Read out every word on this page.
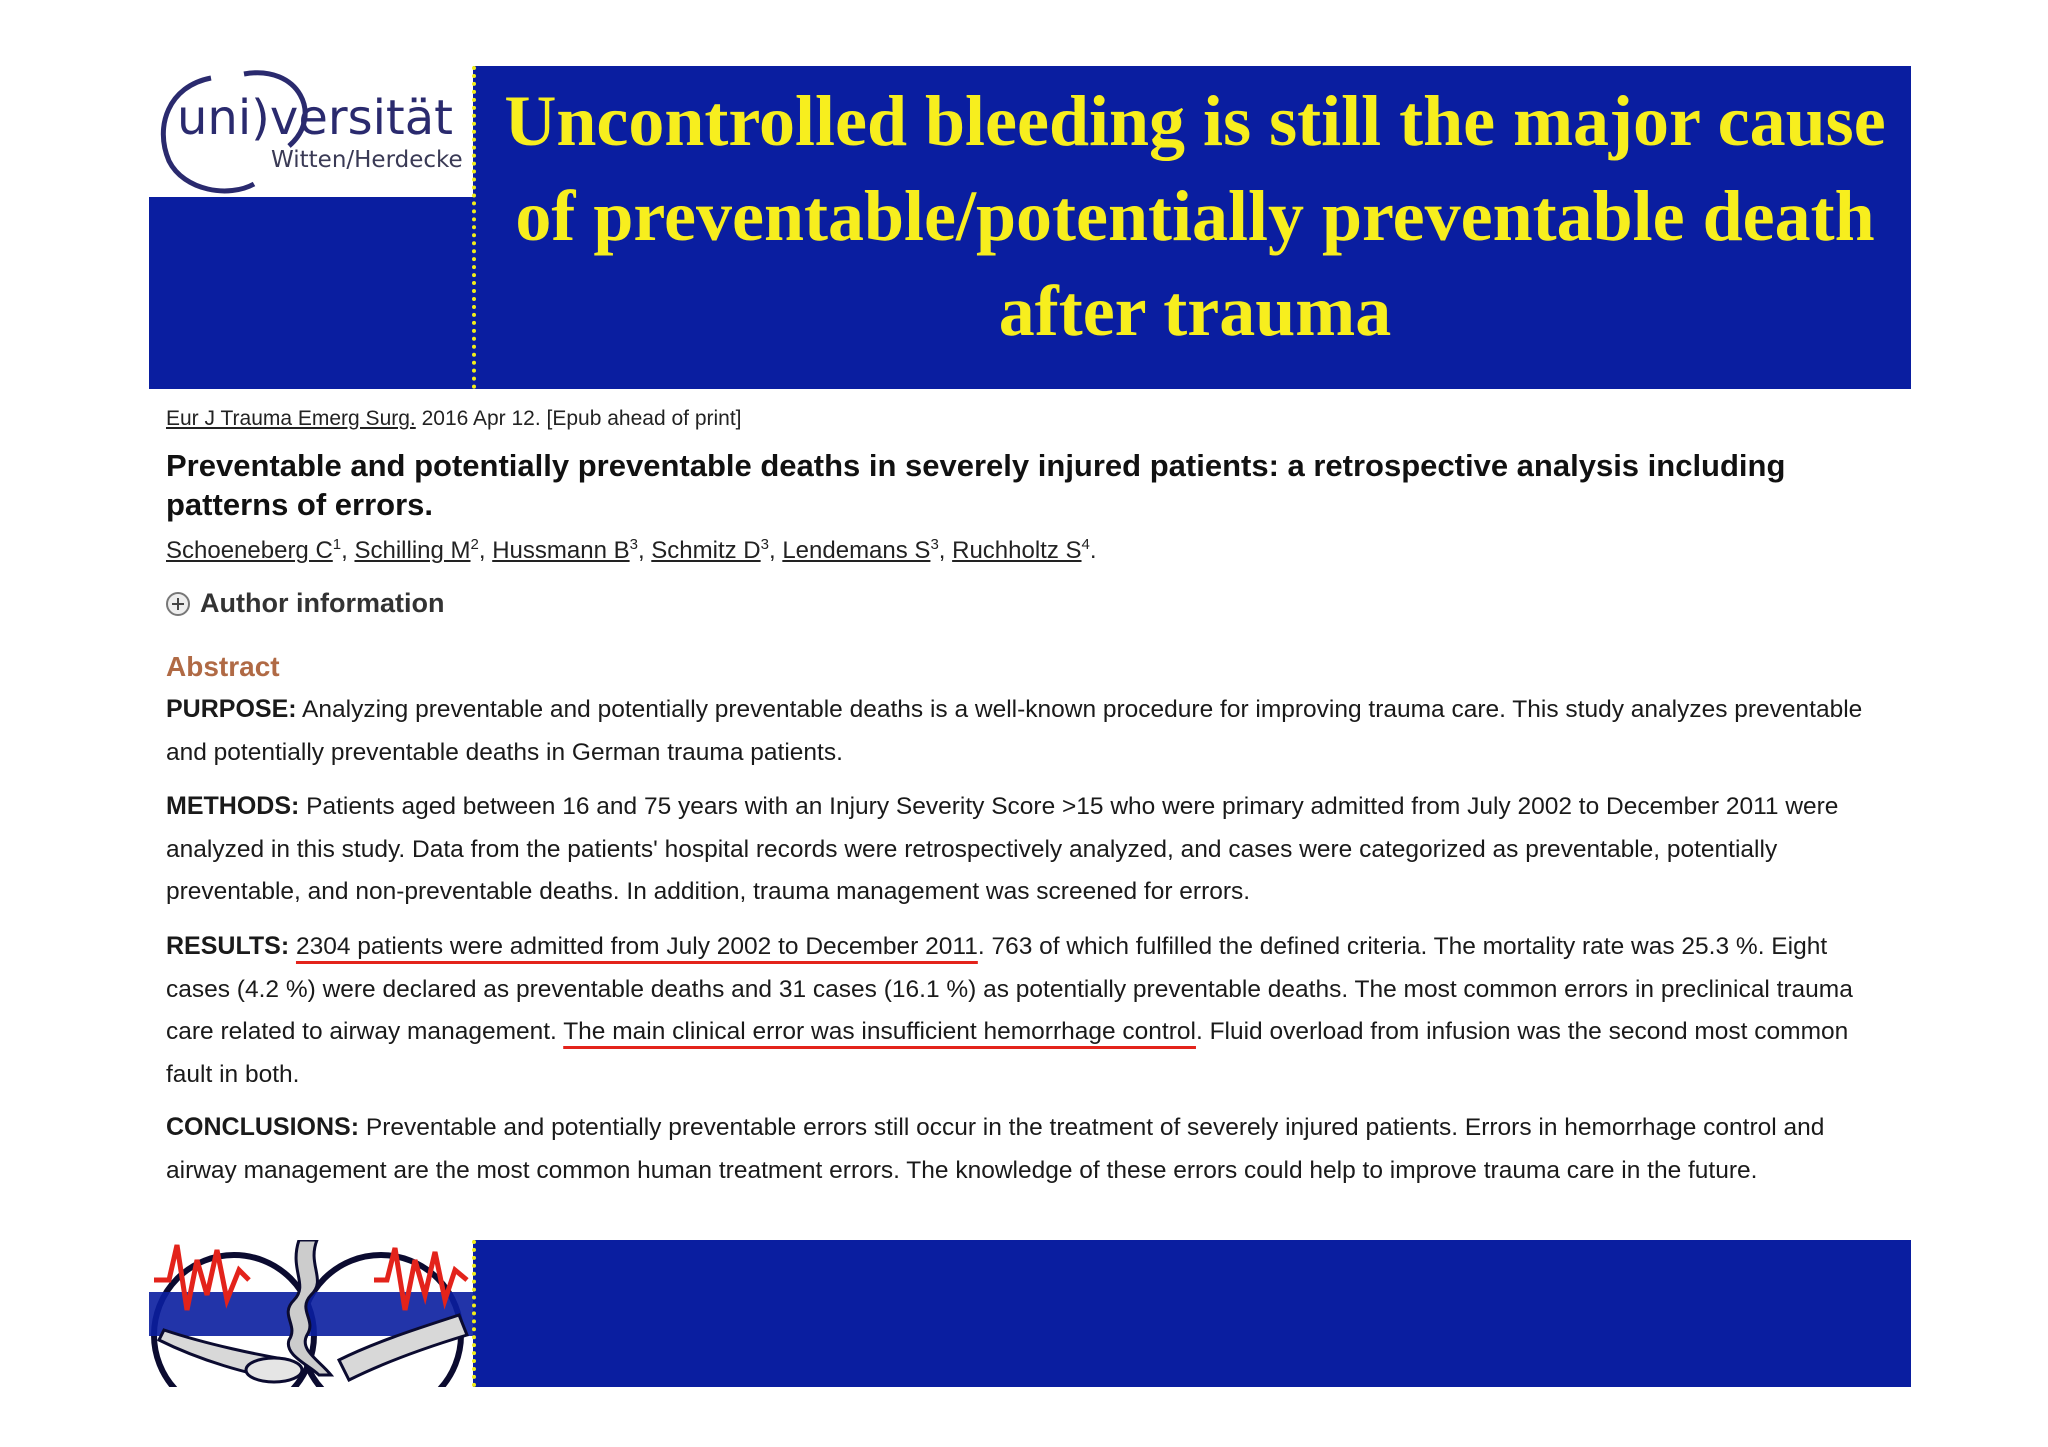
uni)versität
Witten/Herdecke Uncontrolled bleeding is still the major cause of preventable/potentially preventable death after trauma
Eur J Trauma Emerg Surg. 2016 Apr 12. [Epub ahead of print]
Preventable and potentially preventable deaths in severely injured patients: a retrospective analysis including patterns of errors.
Schoeneberg $C^1$, Schilling $M^2$, Hussmann $B^3$, Schmitz $D^3$, Lendemans $S^3$, Ruchholtz $S^4$.
Author information
Abstract

PURPOSE: Analyzing preventable and potentially preventable deaths is a well-known procedure for improving trauma care. This study analyzes preventable and potentially preventable deaths in German trauma patients.

METHODS: Patients aged between 16 and 75 years with an Injury Severity Score >15 who were primary admitted from July 2002 to December 2011 were analyzed in this study. Data from the patients' hospital records were retrospectively analyzed, and cases were categorized as preventable, potentially preventable, and non-preventable deaths. In addition, trauma management was screened for errors.

RESULTS: 2304 patients were admitted from July 2002 to December 2011. 763 of which fulfilled the defined criteria. The mortality rate was 25.3 %. Eight cases (4.2 %) were declared as preventable deaths and 31 cases (16.1 %) as potentially preventable deaths. The most common errors in preclinical trauma care related to airway management. The main clinical error was insufficient hemorrhage control. Fluid overload from infusion was the second most common fault in both.

CONCLUSIONS: Preventable and potentially preventable errors still occur in the treatment of severely injured patients. Errors in hemorrhage control and airway management are the most common human treatment errors. The knowledge of these errors could help to improve trauma care in the future.
